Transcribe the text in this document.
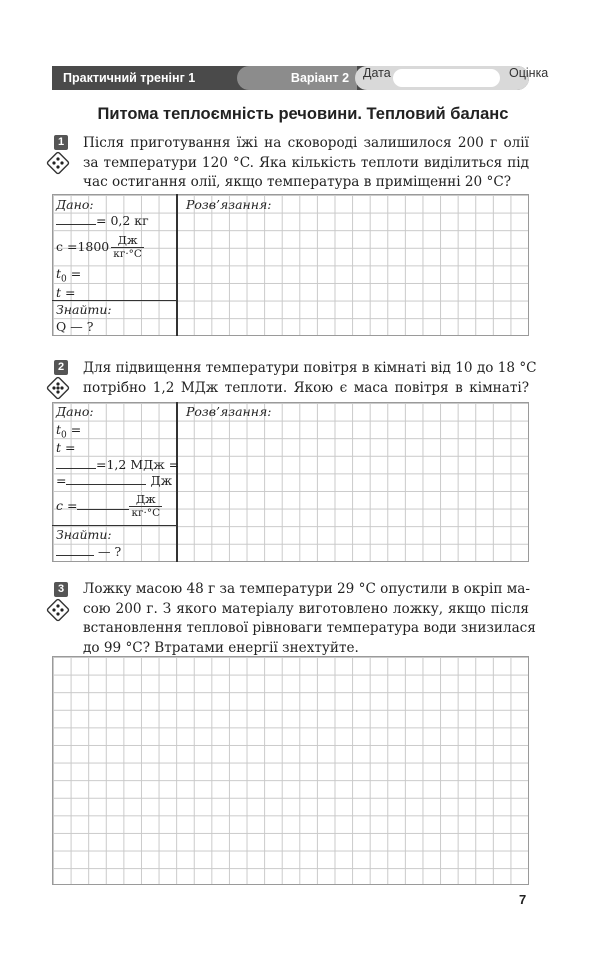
Практичний тренінг 1	Варіант 2	Дата	Оцінка
Питома теплоємність речовини. Тепловий баланс
1 Після приготування їжі на сковороді залишилося 200 г олії
за температури 120 °C. Яка кількість теплоти виділиться під
час остигання олії, якщо температура в приміщенні 20 °C?
Дано:	Розв’язання:
= 0,2 кг
$c =1800 \frac{Дж}{кг\cdot^\circ С}$
$t_0$ =
t =
Знайти:
Q — ?
2 Для підвищення температури повітря в кімнаті від 10 до 18 °C
потрібно 1,2 МДж теплоти. Якою є маса повітря в кімнаті?
Дано:	Розв’язання:
$t_0$ =
t =
=1,2 МДж =
=	Дж
c =	$\frac{Дж}{кг\cdot^\circ С}$
Знайти:
— ?
3 Ложку масою 48 г за температури 29 °C опустили в окріп ма-
сою 200 г. З якого матеріалу виготовлено ложку, якщо після
встановлення теплової рівноваги температура води знизилася
до 99 °C? Втратами енергії знехтуйте.
7
